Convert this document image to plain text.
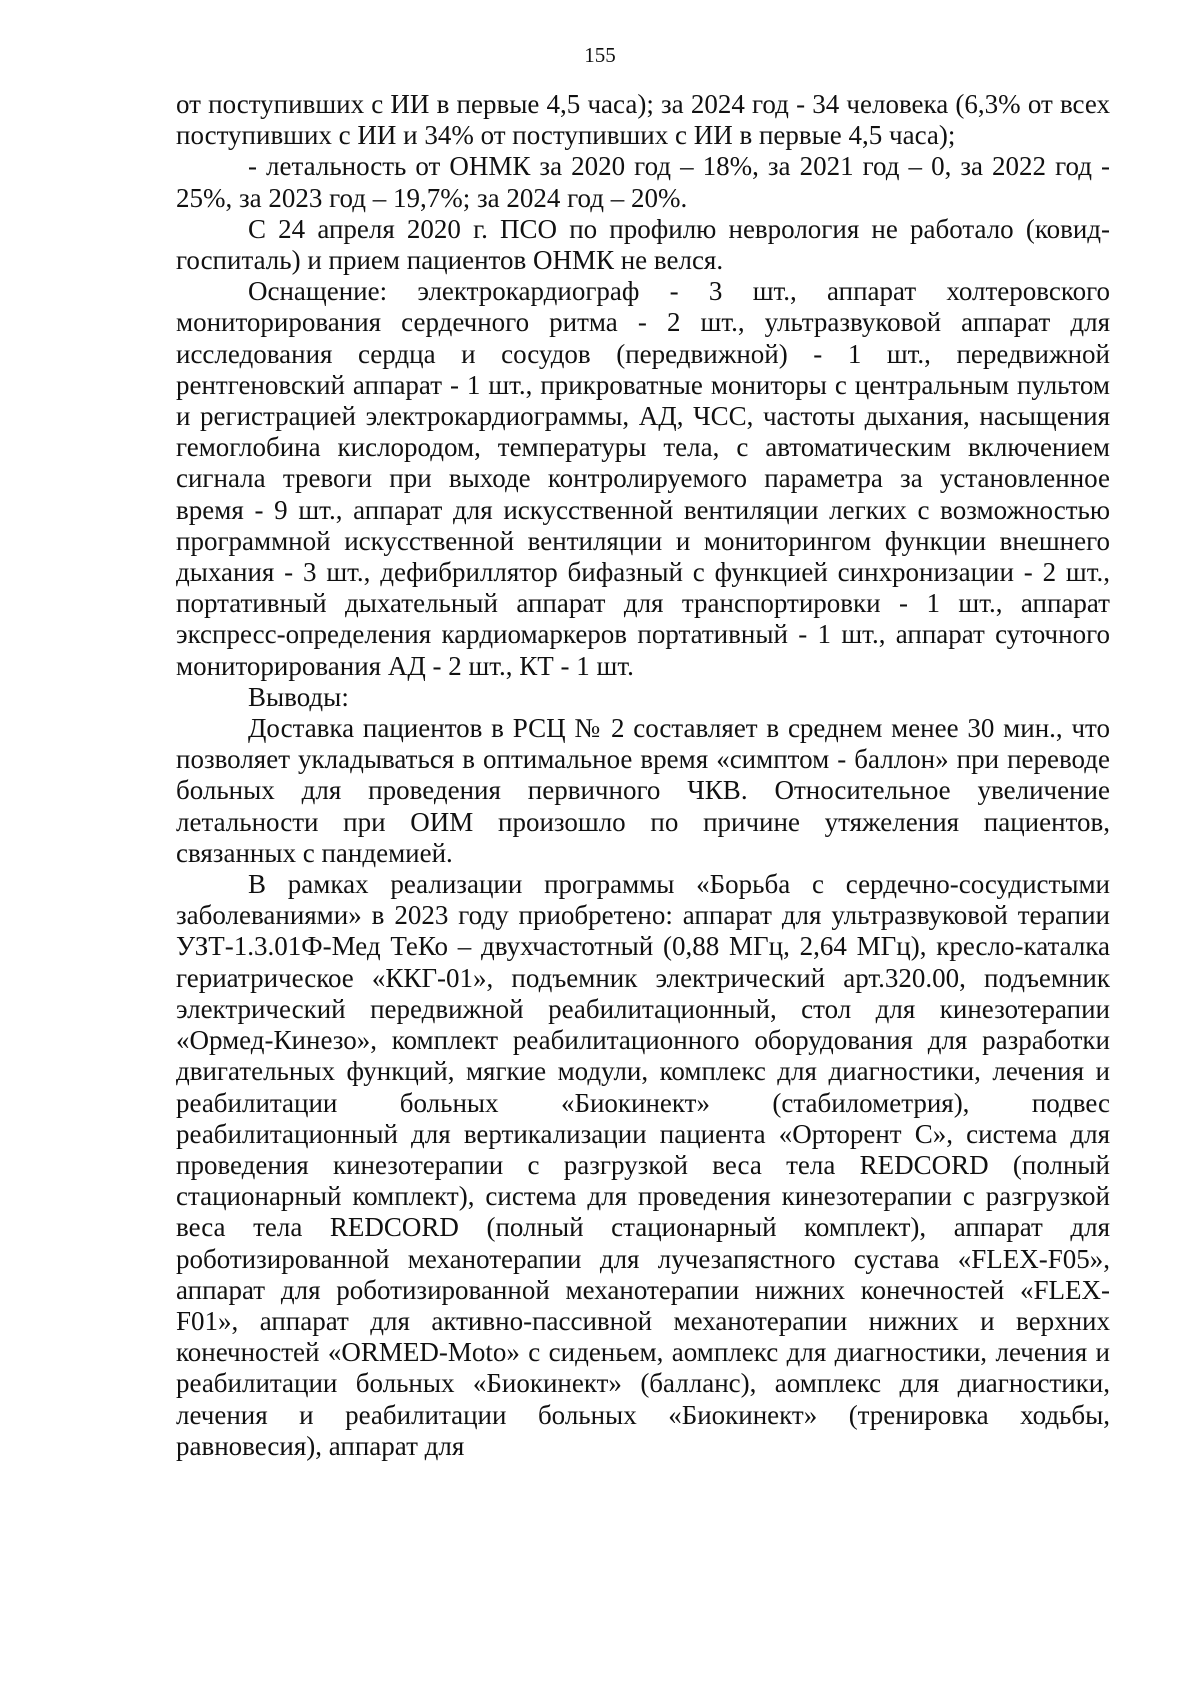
155

от поступивших с ИИ в первые 4,5 часа); за 2024 год - 34 человека (6,3% от всех поступивших с ИИ и 34% от поступивших с ИИ в первые 4,5 часа);

- летальность от ОНМК за 2020 год – 18%, за 2021 год – 0, за 2022 год - 25%, за 2023 год – 19,7%; за 2024 год – 20%.

С 24 апреля 2020 г. ПСО по профилю неврология не работало (ковид-госпиталь) и прием пациентов ОНМК не велся.

Оснащение: электрокардиограф - 3 шт., аппарат холтеровского мониторирования сердечного ритма - 2 шт., ультразвуковой аппарат для исследования сердца и сосудов (передвижной) - 1 шт., передвижной рентгеновский аппарат - 1 шт., прикроватные мониторы с центральным пультом и регистрацией электрокардиограммы, АД, ЧСС, частоты дыхания, насыщения гемоглобина кислородом, температуры тела, с автоматическим включением сигнала тревоги при выходе контролируемого параметра за установленное время - 9 шт., аппарат для искусственной вентиляции легких с возможностью программной искусственной вентиляции и мониторингом функции внешнего дыхания - 3 шт., дефибриллятор бифазный с функцией синхронизации - 2 шт., портативный дыхательный аппарат для транспортировки - 1 шт., аппарат экспресс-определения кардиомаркеров портативный - 1 шт., аппарат суточного мониторирования АД - 2 шт., КТ - 1 шт.

Выводы:

Доставка пациентов в РСЦ № 2 составляет в среднем менее 30 мин., что позволяет укладываться в оптимальное время «симптом - баллон» при переводе больных для проведения первичного ЧКВ. Относительное увеличение летальности при ОИМ произошло по причине утяжеления пациентов, связанных с пандемией.

В рамках реализации программы «Борьба с сердечно-сосудистыми заболеваниями» в 2023 году приобретено: аппарат для ультразвуковой терапии УЗТ-1.3.01Ф-Мед ТеКо – двухчастотный (0,88 МГц, 2,64 МГц), кресло-каталка гериатрическое «ККГ-01», подъемник электрический арт.320.00, подъемник электрический передвижной реабилитационный, стол для кинезотерапии «Ормед-Кинезо», комплект реабилитационного оборудования для разработки двигательных функций, мягкие модули, комплекс для диагностики, лечения и реабилитации больных «Биокинект» (стабилометрия), подвес реабилитационный для вертикализации пациента «Орторент С», система для проведения кинезотерапии с разгрузкой веса тела REDCORD (полный стационарный комплект), система для проведения кинезотерапии с разгрузкой веса тела REDCORD (полный стационарный комплект), аппарат для роботизированной механотерапии для лучезапястного сустава «FLEX-F05», аппарат для роботизированной механотерапии нижних конечностей «FLEX-F01», аппарат для активно-пассивной механотерапии нижних и верхних конечностей «ORMED-Moto» с сиденьем, аомплекс для диагностики, лечения и реабилитации больных «Биокинект» (балланс), аомплекс для диагностики, лечения и реабилитации больных «Биокинект» (тренировка ходьбы, равновесия), аппарат для
